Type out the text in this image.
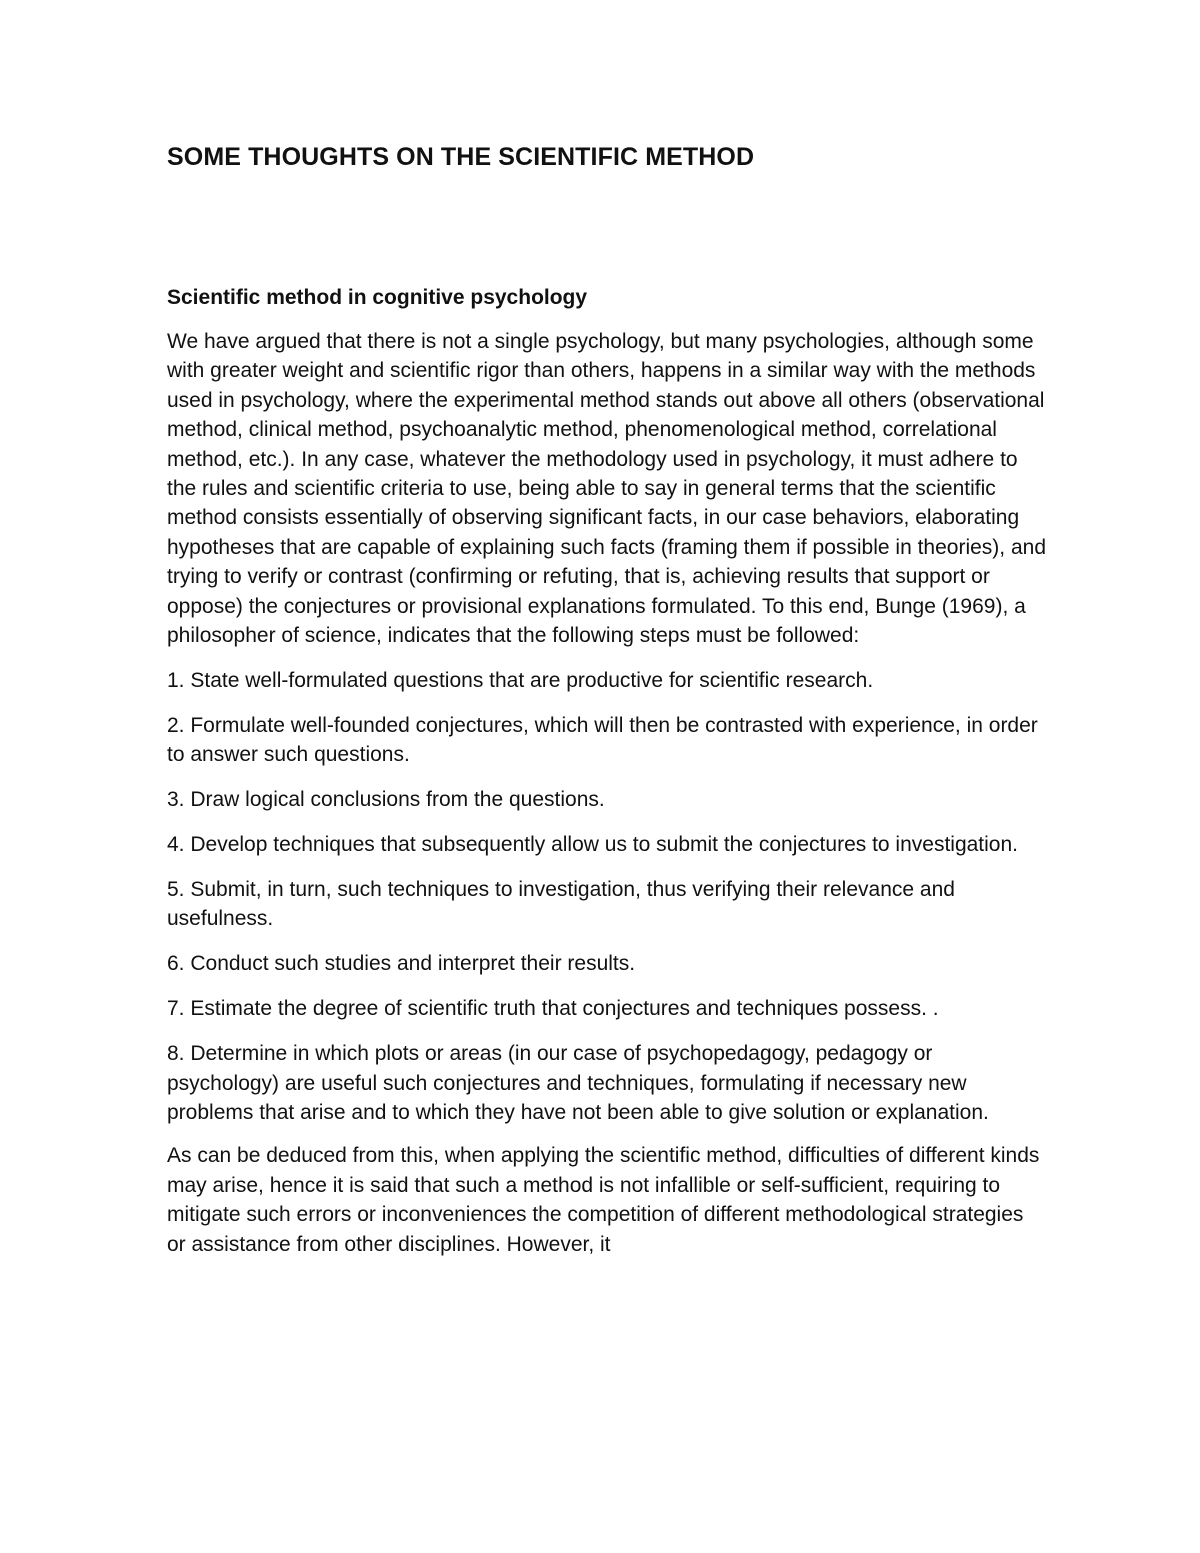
SOME THOUGHTS ON THE SCIENTIFIC METHOD
Scientific method in cognitive psychology

We have argued that there is not a single psychology, but many psychologies, although some with greater weight and scientific rigor than others, happens in a similar way with the methods used in psychology, where the experimental method stands out above all others (observational method, clinical method, psychoanalytic method, phenomenological method, correlational method, etc.). In any case, whatever the methodology used in psychology, it must adhere to the rules and scientific criteria to use, being able to say in general terms that the scientific method consists essentially of observing significant facts, in our case behaviors, elaborating hypotheses that are capable of explaining such facts (framing them if possible in theories), and trying to verify or contrast (confirming or refuting, that is, achieving results that support or oppose) the conjectures or provisional explanations formulated. To this end, Bunge (1969), a philosopher of science, indicates that the following steps must be followed:

1. State well-formulated questions that are productive for scientific research.
2. Formulate well-founded conjectures, which will then be contrasted with experience, in order to answer such questions.
3. Draw logical conclusions from the questions.
4. Develop techniques that subsequently allow us to submit the conjectures to investigation.
5. Submit, in turn, such techniques to investigation, thus verifying their relevance and usefulness.
6. Conduct such studies and interpret their results.
7. Estimate the degree of scientific truth that conjectures and techniques possess. .
8. Determine in which plots or areas (in our case of psychopedagogy, pedagogy or psychology) are useful such conjectures and techniques, formulating if necessary new problems that arise and to which they have not been able to give solution or explanation.

As can be deduced from this, when applying the scientific method, difficulties of different kinds may arise, hence it is said that such a method is not infallible or self-sufficient, requiring to mitigate such errors or inconveniences the competition of different methodological strategies or assistance from other disciplines. However, it
